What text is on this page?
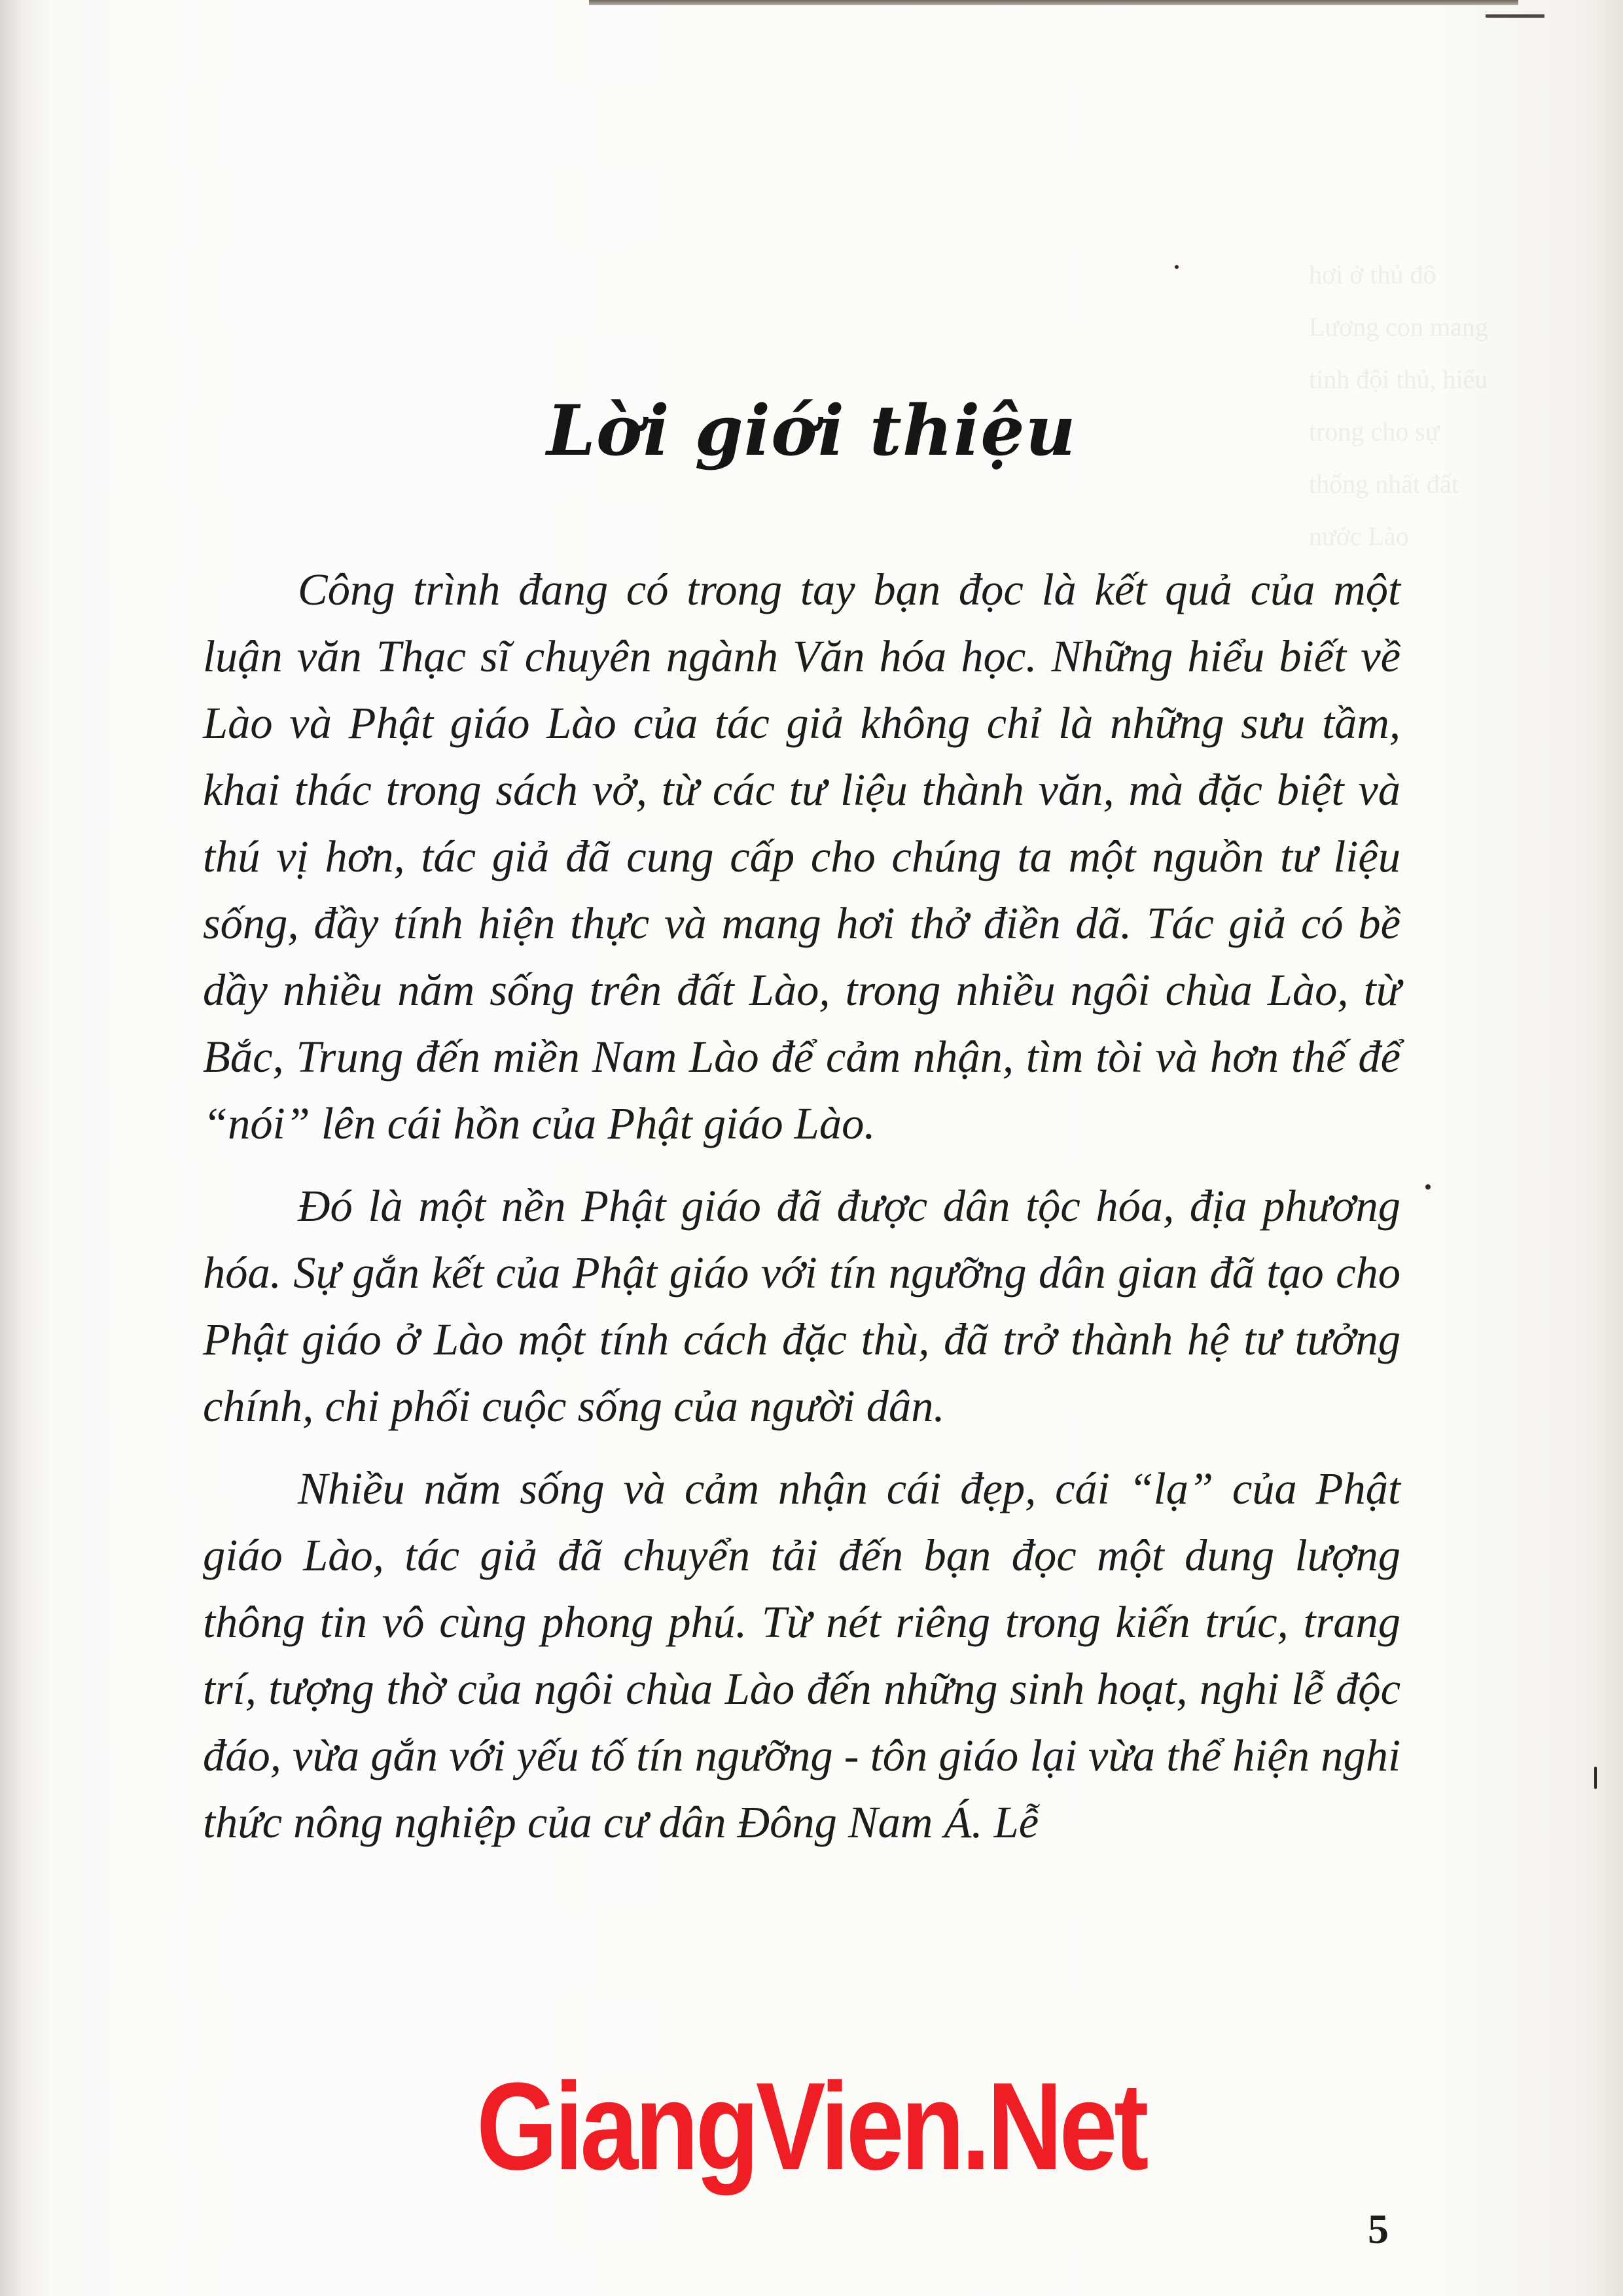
hơi ở thủ đô Lương con mang tinh đội thủ, hiểu trong cho sự thống nhất đất nước Lào
Lời giới thiệu

Công trình đang có trong tay bạn đọc là kết quả của một luận văn Thạc sĩ chuyên ngành Văn hóa học. Những hiểu biết về Lào và Phật giáo Lào của tác giả không chỉ là những sưu tầm, khai thác trong sách vở, từ các tư liệu thành văn, mà đặc biệt và thú vị hơn, tác giả đã cung cấp cho chúng ta một nguồn tư liệu sống, đầy tính hiện thực và mang hơi thở điền dã. Tác giả có bề dầy nhiều năm sống trên đất Lào, trong nhiều ngôi chùa Lào, từ Bắc, Trung đến miền Nam Lào để cảm nhận, tìm tòi và hơn thế để “nói” lên cái hồn của Phật giáo Lào.

Đó là một nền Phật giáo đã được dân tộc hóa, địa phương hóa. Sự gắn kết của Phật giáo với tín ngưỡng dân gian đã tạo cho Phật giáo ở Lào một tính cách đặc thù, đã trở thành hệ tư tưởng chính, chi phối cuộc sống của người dân.

Nhiều năm sống và cảm nhận cái đẹp, cái “lạ” của Phật giáo Lào, tác giả đã chuyển tải đến bạn đọc một dung lượng thông tin vô cùng phong phú. Từ nét riêng trong kiến trúc, trang trí, tượng thờ của ngôi chùa Lào đến những sinh hoạt, nghi lễ độc đáo, vừa gắn với yếu tố tín ngưỡng - tôn giáo lại vừa thể hiện nghi thức nông nghiệp của cư dân Đông Nam Á. Lễ

GiangVien.Net
5
